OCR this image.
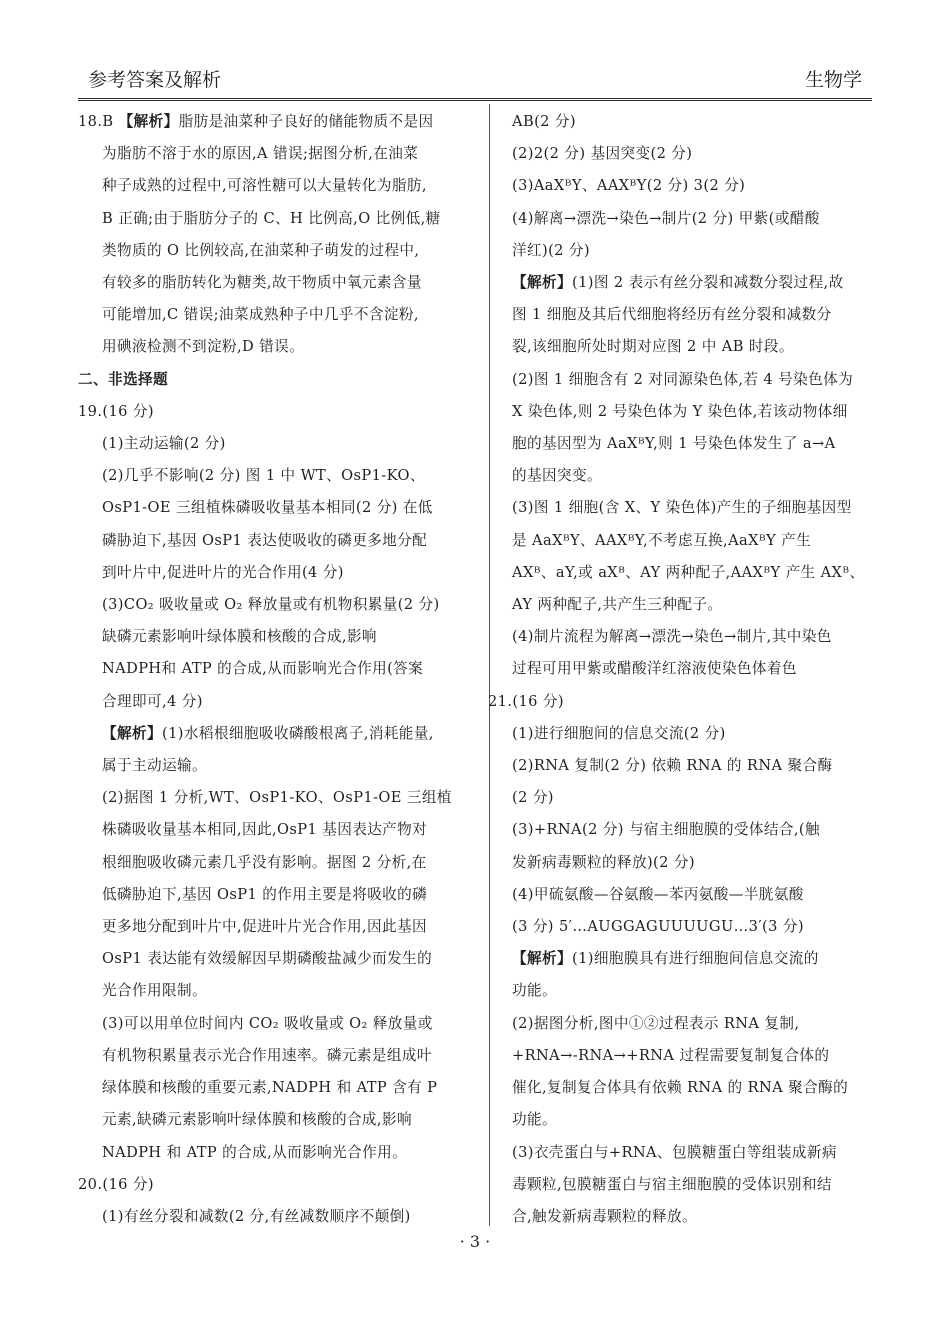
参考答案及解析	生物学

18.B 【解析】脂肪是油菜种子良好的储能物质不是因

为脂肪不溶于水的原因,A 错误;据图分析,在油菜

种子成熟的过程中,可溶性糖可以大量转化为脂肪,

B 正确;由于脂肪分子的 C、H 比例高,O 比例低,糖

类物质的 O 比例较高,在油菜种子萌发的过程中,

有较多的脂肪转化为糖类,故干物质中氧元素含量

可能增加,C 错误;油菜成熟种子中几乎不含淀粉,

用碘液检测不到淀粉,D 错误。

二、非选择题

19.(16 分)

(1)主动运输(2 分)

(2)几乎不影响(2 分) 图 1 中 WT、OsP1-KO、

OsP1-OE 三组植株磷吸收量基本相同(2 分) 在低

磷胁迫下,基因 OsP1 表达使吸收的磷更多地分配

到叶片中,促进叶片的光合作用(4 分)

(3)CO₂ 吸收量或 O₂ 释放量或有机物积累量(2 分)

缺磷元素影响叶绿体膜和核酸的合成,影响

NADPH和 ATP 的合成,从而影响光合作用(答案

合理即可,4 分)

【解析】(1)水稻根细胞吸收磷酸根离子,消耗能量,

属于主动运输。

(2)据图 1 分析,WT、OsP1-KO、OsP1-OE 三组植

株磷吸收量基本相同,因此,OsP1 基因表达产物对

根细胞吸收磷元素几乎没有影响。据图 2 分析,在

低磷胁迫下,基因 OsP1 的作用主要是将吸收的磷

更多地分配到叶片中,促进叶片光合作用,因此基因

OsP1 表达能有效缓解因早期磷酸盐减少而发生的

光合作用限制。

(3)可以用单位时间内 CO₂ 吸收量或 O₂ 释放量或

有机物积累量表示光合作用速率。磷元素是组成叶

绿体膜和核酸的重要元素,NADPH 和 ATP 含有 P

元素,缺磷元素影响叶绿体膜和核酸的合成,影响

NADPH 和 ATP 的合成,从而影响光合作用。

20.(16 分)

(1)有丝分裂和减数(2 分,有丝减数顺序不颠倒)

AB(2 分)

(2)2(2 分) 基因突变(2 分)

(3)AaXᴮY、AAXᴮY(2 分) 3(2 分)

(4)解离→漂洗→染色→制片(2 分) 甲紫(或醋酸

洋红)(2 分)

【解析】(1)图 2 表示有丝分裂和减数分裂过程,故

图 1 细胞及其后代细胞将经历有丝分裂和减数分

裂,该细胞所处时期对应图 2 中 AB 时段。

(2)图 1 细胞含有 2 对同源染色体,若 4 号染色体为

X 染色体,则 2 号染色体为 Y 染色体,若该动物体细

胞的基因型为 AaXᴮY,则 1 号染色体发生了 a→A

的基因突变。

(3)图 1 细胞(含 X、Y 染色体)产生的子细胞基因型

是 AaXᴮY、AAXᴮY,不考虑互换,AaXᴮY 产生

AXᴮ、aY,或 aXᴮ、AY 两种配子,AAXᴮY 产生 AXᴮ、

AY 两种配子,共产生三种配子。

(4)制片流程为解离→漂洗→染色→制片,其中染色

过程可用甲紫或醋酸洋红溶液使染色体着色

21.(16 分)

(1)进行细胞间的信息交流(2 分)

(2)RNA 复制(2 分) 依赖 RNA 的 RNA 聚合酶

(2 分)

(3)+RNA(2 分) 与宿主细胞膜的受体结合,(触

发新病毒颗粒的释放)(2 分)

(4)甲硫氨酸—谷氨酸—苯丙氨酸—半胱氨酸

(3 分) 5′…AUGGAGUUUUGU…3′(3 分)

【解析】(1)细胞膜具有进行细胞间信息交流的

功能。

(2)据图分析,图中①②过程表示 RNA 复制,

+RNA→-RNA→+RNA 过程需要复制复合体的

催化,复制复合体具有依赖 RNA 的 RNA 聚合酶的

功能。

(3)衣壳蛋白与+RNA、包膜糖蛋白等组装成新病

毒颗粒,包膜糖蛋白与宿主细胞膜的受体识别和结

合,触发新病毒颗粒的释放。

· 3 ·
